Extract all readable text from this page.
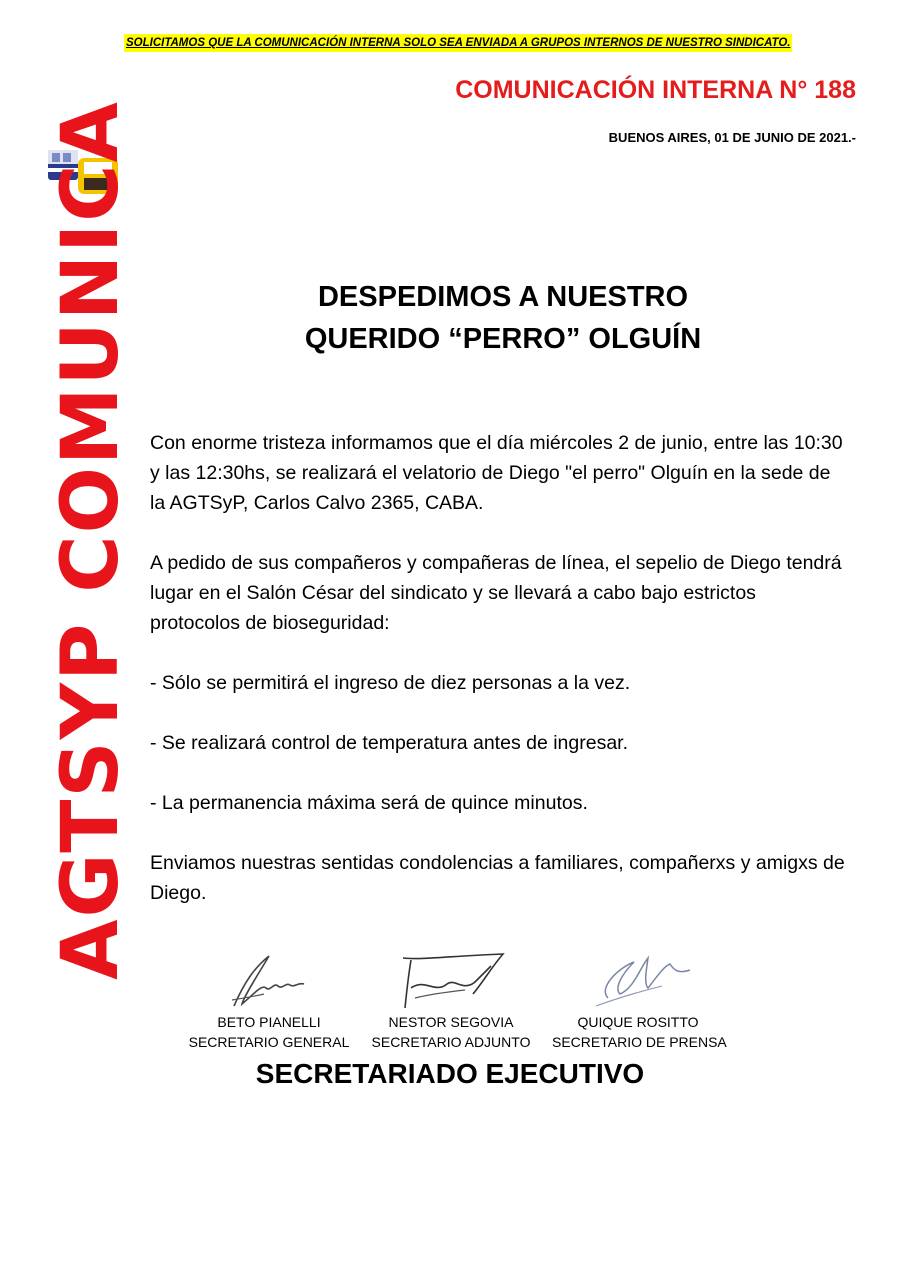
SOLICITAMOS QUE LA COMUNICACIÓN INTERNA SOLO SEA ENVIADA A GRUPOS INTERNOS DE NUESTRO SINDICATO.
COMUNICACIÓN INTERNA N° 188
BUENOS AIRES, 01 DE JUNIO DE 2021.-
AGTSYP COMUNICA	DESPEDIMOS A NUESTRO
QUERIDO “PERRO” OLGUÍN

Con enorme tristeza informamos que el día miércoles 2 de junio, entre las 10:30 y las 12:30hs, se realizará el velatorio de Diego "el perro" Olguín en la sede de la AGTSyP, Carlos Calvo 2365, CABA.

A pedido de sus compañeros y compañeras de línea, el sepelio de Diego tendrá lugar en el Salón César del sindicato y se llevará a cabo bajo estrictos protocolos de bioseguridad:

- Sólo se permitirá el ingreso de diez personas a la vez.

- Se realizará control de temperatura antes de ingresar.

- La permanencia máxima será de quince minutos.

Enviamos nuestras sentidas condolencias a familiares, compañerxs y amigxs de Diego.

BETO PIANELLI
SECRETARIO GENERAL
NESTOR SEGOVIA
SECRETARIO ADJUNTO
QUIQUE ROSITTO
SECRETARIO DE PRENSA
SECRETARIADO EJECUTIVO
